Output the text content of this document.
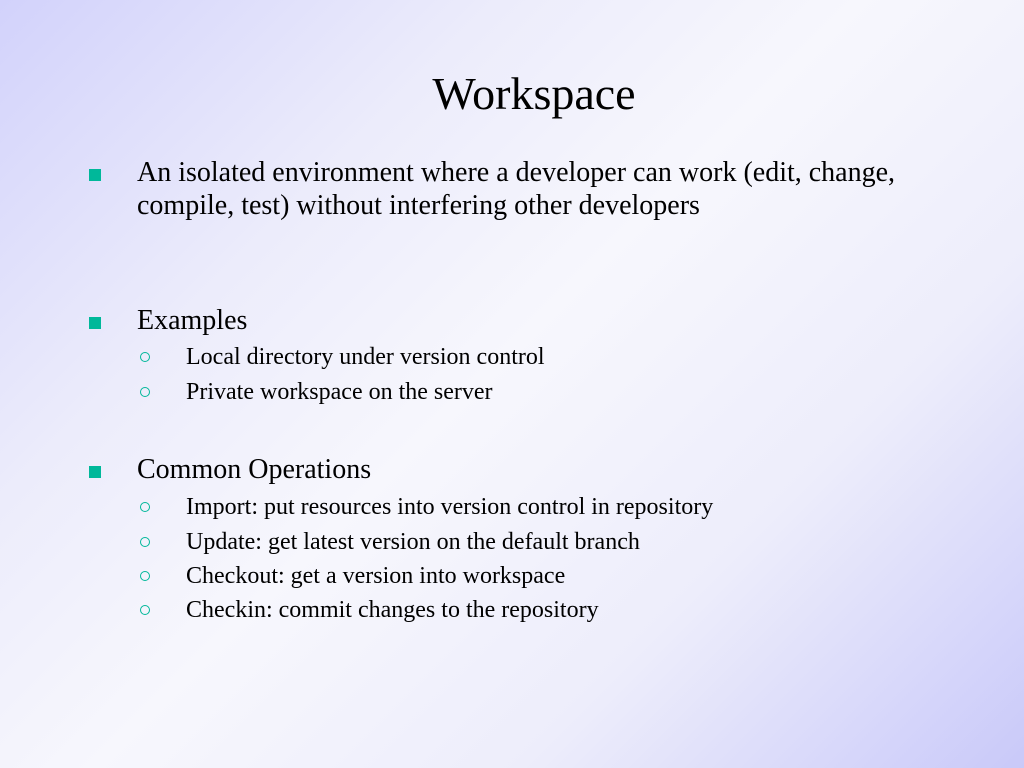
Workspace
An isolated environment where a developer can work (edit, change, compile, test) without interfering other developers
Examples
Local directory under version control
Private workspace on the server
Common Operations
Import: put resources into version control in repository
Update: get latest version on the default branch
Checkout: get a version into workspace
Checkin: commit changes to the repository
